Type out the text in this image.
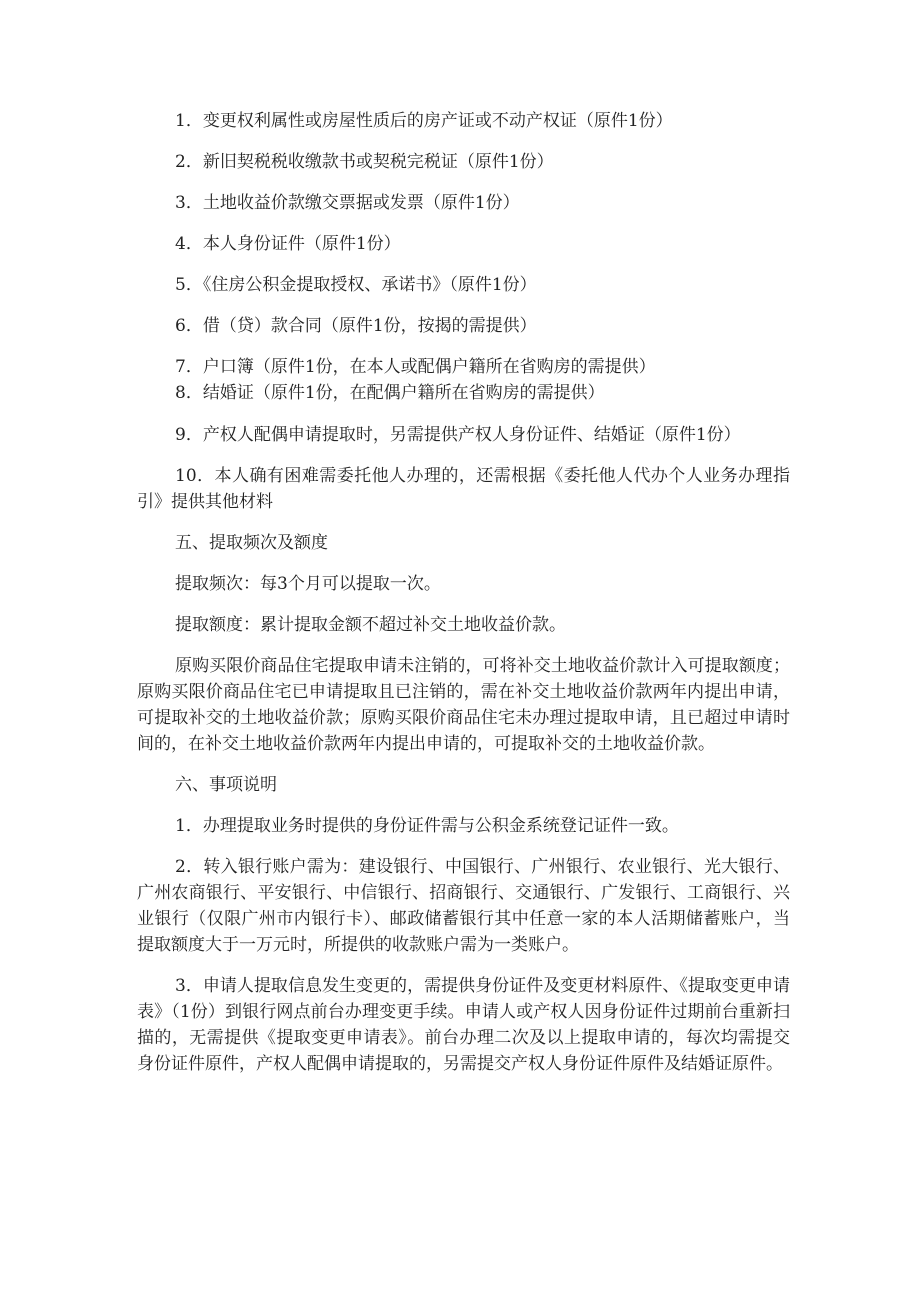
1．变更权利属性或房屋性质后的房产证或不动产权证（原件1份）

2．新旧契税税收缴款书或契税完税证（原件1份）

3．土地收益价款缴交票据或发票（原件1份）

4．本人身份证件（原件1份）

5．《住房公积金提取授权、承诺书》（原件1份）

6．借（贷）款合同（原件1份，按揭的需提供）

7．户口簿（原件1份，在本人或配偶户籍所在省购房的需提供）

8．结婚证（原件1份，在配偶户籍所在省购房的需提供）

9．产权人配偶申请提取时，另需提供产权人身份证件、结婚证（原件1份）

10．本人确有困难需委托他人办理的，还需根据《委托他人代办个人业务办理指引》提供其他材料

五、提取频次及额度

提取频次：每3个月可以提取一次。

提取额度：累计提取金额不超过补交土地收益价款。

原购买限价商品住宅提取申请未注销的，可将补交土地收益价款计入可提取额度；原购买限价商品住宅已申请提取且已注销的，需在补交土地收益价款两年内提出申请，可提取补交的土地收益价款；原购买限价商品住宅未办理过提取申请，且已超过申请时间的，在补交土地收益价款两年内提出申请的，可提取补交的土地收益价款。

六、事项说明

1．办理提取业务时提供的身份证件需与公积金系统登记证件一致。

2．转入银行账户需为：建设银行、中国银行、广州银行、农业银行、光大银行、广州农商银行、平安银行、中信银行、招商银行、交通银行、广发银行、工商银行、兴业银行（仅限广州市内银行卡）、邮政储蓄银行其中任意一家的本人活期储蓄账户，当提取额度大于一万元时，所提供的收款账户需为一类账户。

3．申请人提取信息发生变更的，需提供身份证件及变更材料原件、《提取变更申请表》（1份）到银行网点前台办理变更手续。申请人或产权人因身份证件过期前台重新扫描的，无需提供《提取变更申请表》。前台办理二次及以上提取申请的，每次均需提交身份证件原件，产权人配偶申请提取的，另需提交产权人身份证件原件及结婚证原件。
